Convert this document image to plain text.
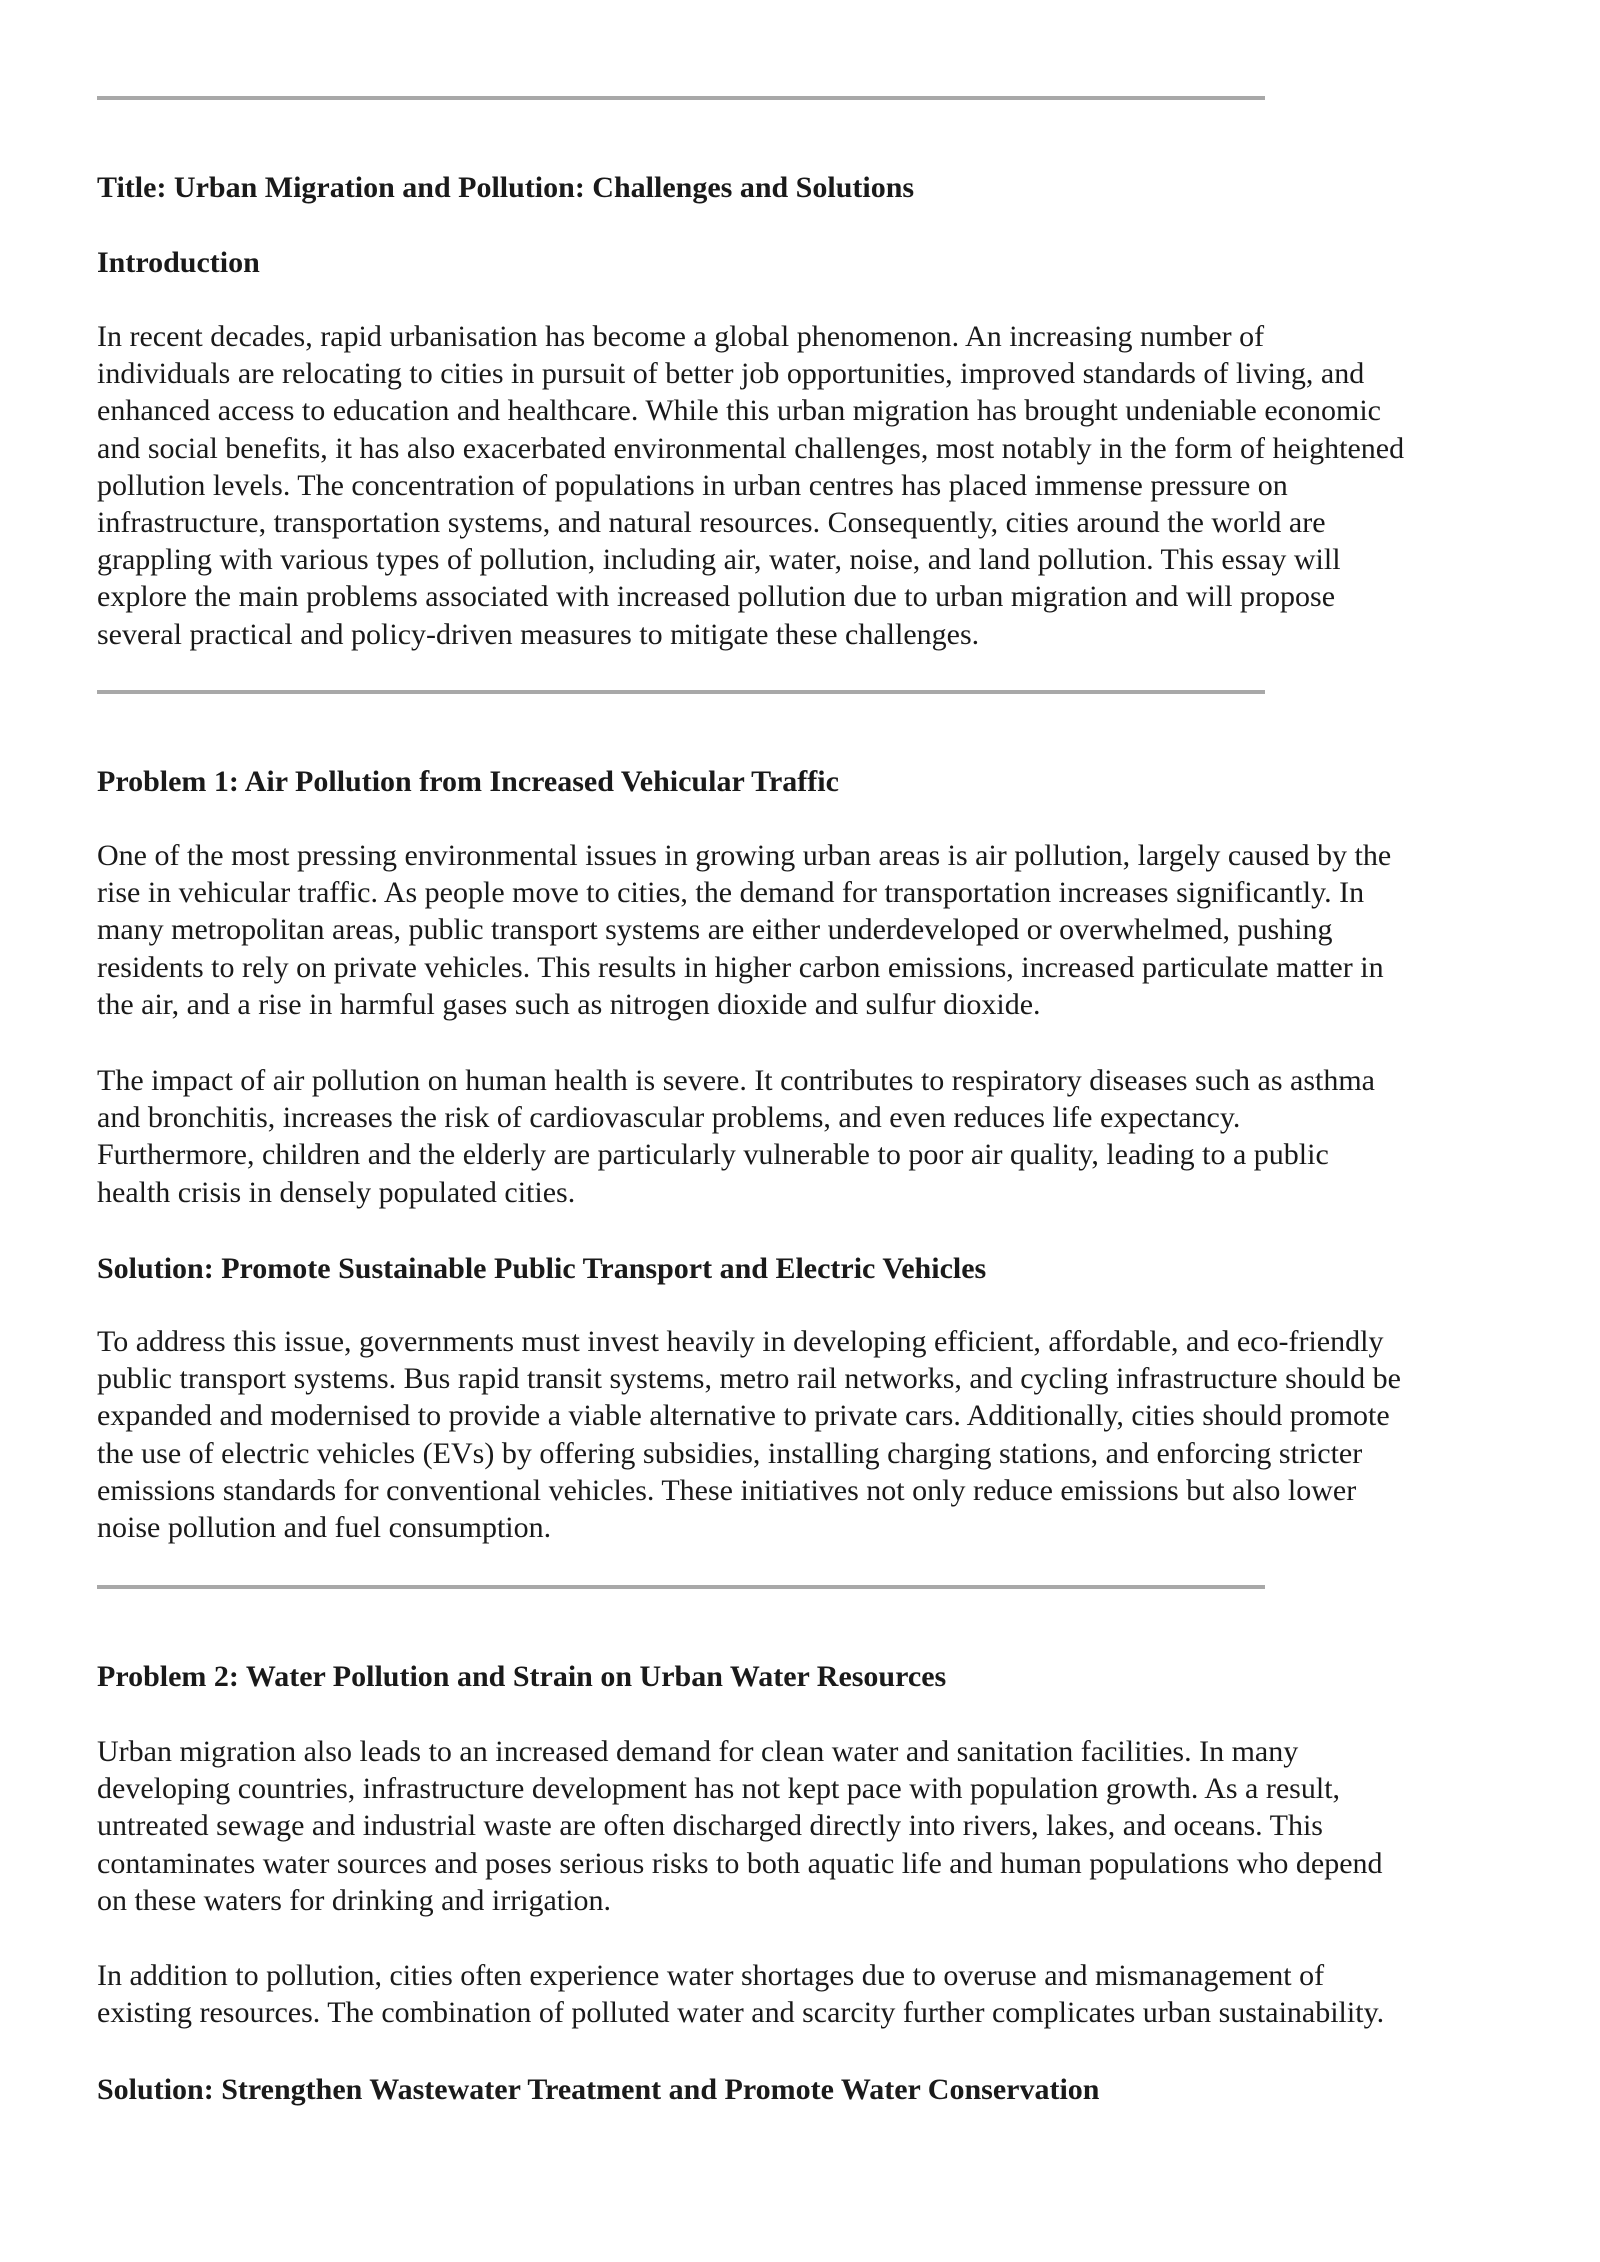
Title: Urban Migration and Pollution: Challenges and Solutions
Introduction
In recent decades, rapid urbanisation has become a global phenomenon. An increasing number of
individuals are relocating to cities in pursuit of better job opportunities, improved standards of living, and
enhanced access to education and healthcare. While this urban migration has brought undeniable economic
and social benefits, it has also exacerbated environmental challenges, most notably in the form of heightened
pollution levels. The concentration of populations in urban centres has placed immense pressure on
infrastructure, transportation systems, and natural resources. Consequently, cities around the world are
grappling with various types of pollution, including air, water, noise, and land pollution. This essay will
explore the main problems associated with increased pollution due to urban migration and will propose
several practical and policy-driven measures to mitigate these challenges.
Problem 1: Air Pollution from Increased Vehicular Traffic
One of the most pressing environmental issues in growing urban areas is air pollution, largely caused by the
rise in vehicular traffic. As people move to cities, the demand for transportation increases significantly. In
many metropolitan areas, public transport systems are either underdeveloped or overwhelmed, pushing
residents to rely on private vehicles. This results in higher carbon emissions, increased particulate matter in
the air, and a rise in harmful gases such as nitrogen dioxide and sulfur dioxide.
The impact of air pollution on human health is severe. It contributes to respiratory diseases such as asthma
and bronchitis, increases the risk of cardiovascular problems, and even reduces life expectancy.
Furthermore, children and the elderly are particularly vulnerable to poor air quality, leading to a public
health crisis in densely populated cities.
Solution: Promote Sustainable Public Transport and Electric Vehicles
To address this issue, governments must invest heavily in developing efficient, affordable, and eco-friendly
public transport systems. Bus rapid transit systems, metro rail networks, and cycling infrastructure should be
expanded and modernised to provide a viable alternative to private cars. Additionally, cities should promote
the use of electric vehicles (EVs) by offering subsidies, installing charging stations, and enforcing stricter
emissions standards for conventional vehicles. These initiatives not only reduce emissions but also lower
noise pollution and fuel consumption.
Problem 2: Water Pollution and Strain on Urban Water Resources
Urban migration also leads to an increased demand for clean water and sanitation facilities. In many
developing countries, infrastructure development has not kept pace with population growth. As a result,
untreated sewage and industrial waste are often discharged directly into rivers, lakes, and oceans. This
contaminates water sources and poses serious risks to both aquatic life and human populations who depend
on these waters for drinking and irrigation.
In addition to pollution, cities often experience water shortages due to overuse and mismanagement of
existing resources. The combination of polluted water and scarcity further complicates urban sustainability.
Solution: Strengthen Wastewater Treatment and Promote Water Conservation
